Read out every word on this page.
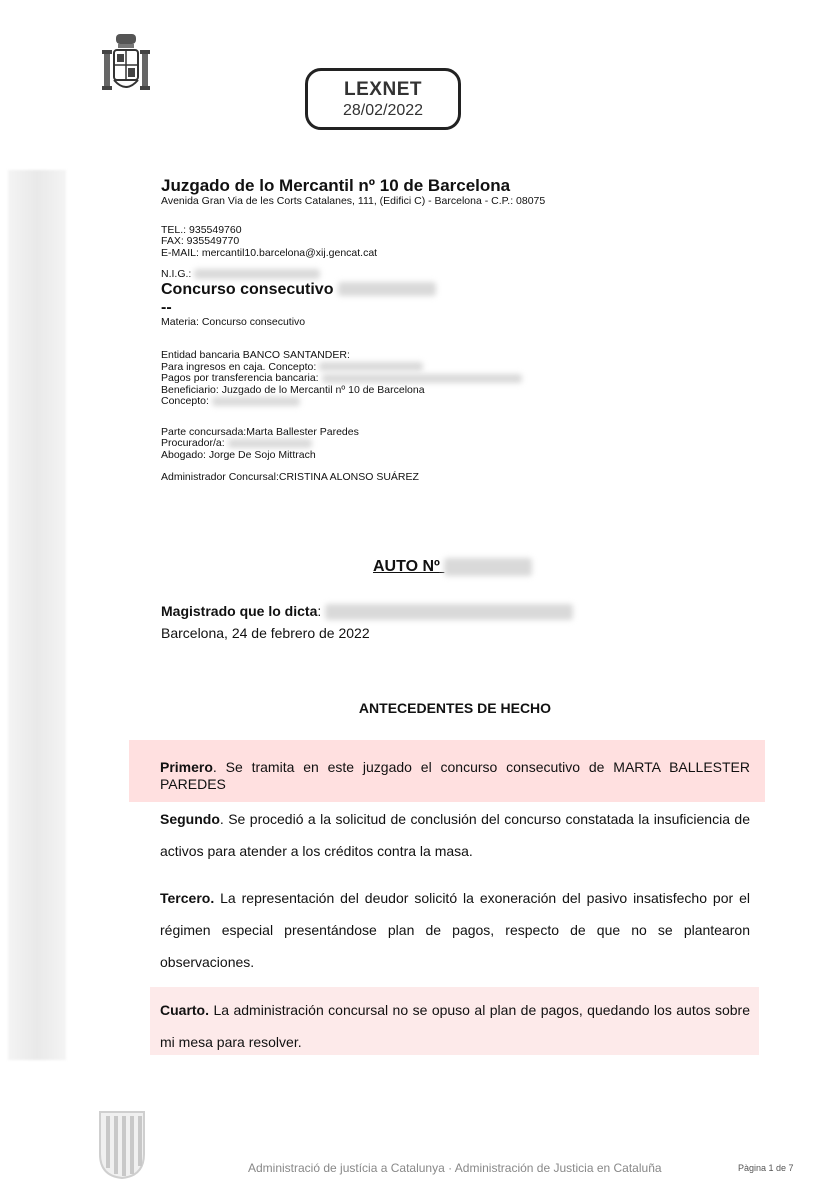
LEXNET
28/02/2022
Juzgado de lo Mercantil nº 10 de Barcelona
Avenida Gran Via de les Corts Catalanes, 111, (Edifici C) - Barcelona - C.P.: 08075
TEL.: 935549760
FAX: 935549770
E-MAIL: mercantil10.barcelona@xij.gencat.cat
N.I.G.:
Concurso consecutivo
--
Materia: Concurso consecutivo
Entidad bancaria BANCO SANTANDER:
Para ingresos en caja. Concepto:
Pagos por transferencia bancaria:
Beneficiario: Juzgado de lo Mercantil nº 10 de Barcelona
Concepto:
Parte concursada:Marta Ballester Paredes
Procurador/a:
Abogado: Jorge De Sojo Mittrach
Administrador Concursal:CRISTINA ALONSO SUÁREZ
AUTO Nº
Magistrado que lo dicta:
Barcelona, 24 de febrero de 2022
ANTECEDENTES DE HECHO
Primero. Se tramita en este juzgado el concurso consecutivo de MARTA BALLESTER PAREDES
Segundo. Se procedió a la solicitud de conclusión del concurso constatada la insuficiencia de activos para atender a los créditos contra la masa.
Tercero. La representación del deudor solicitó la exoneración del pasivo insatisfecho por el régimen especial presentándose plan de pagos, respecto de que no se plantearon observaciones.
Cuarto. La administración concursal no se opuso al plan de pagos, quedando los autos sobre mi mesa para resolver.
Administració de justícia a Catalunya · Administración de Justicia en Cataluña	Pàgina 1 de 7
